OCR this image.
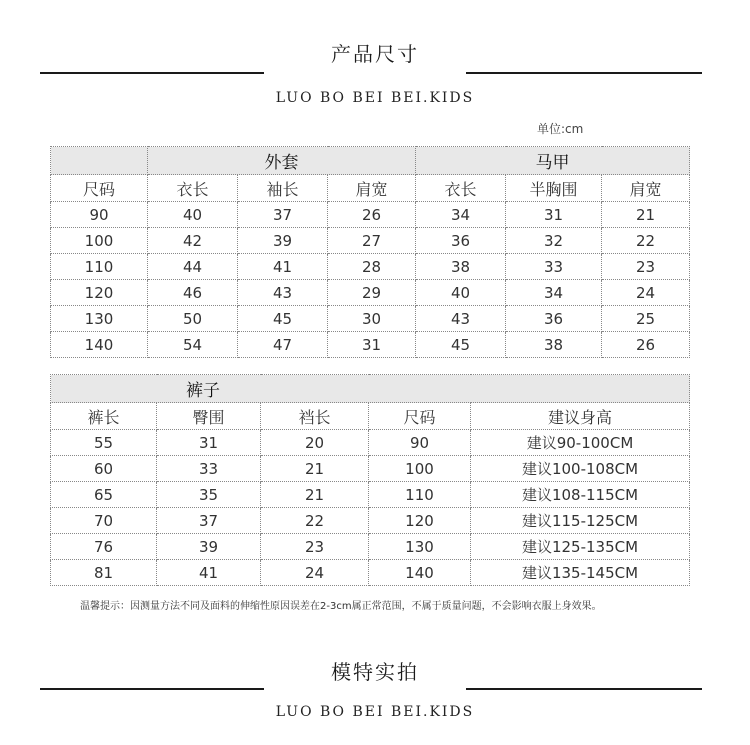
产品尺寸
LUO BO BEI BEI.KIDS
单位:cm
	外套			马甲		
尺码	衣长	袖长	肩宽	衣长	半胸围	肩宽
90	40	37	26	34	31	21
100	42	39	27	36	32	22
110	44	41	28	38	33	23
120	46	43	29	40	34	24
130	50	45	30	43	36	25
140	54	47	31	45	38	26
裤子				
裤长	臀围	裆长	尺码	建议身高
55	31	20	90	建议90-100CM
60	33	21	100	建议100-108CM
65	35	21	110	建议108-115CM
70	37	22	120	建议115-125CM
76	39	23	130	建议125-135CM
81	41	24	140	建议135-145CM
温馨提示：因测量方法不同及面料的伸缩性原因误差在2-3cm属正常范围，不属于质量问题，不会影响衣服上身效果。
模特实拍
LUO BO BEI BEI.KIDS
